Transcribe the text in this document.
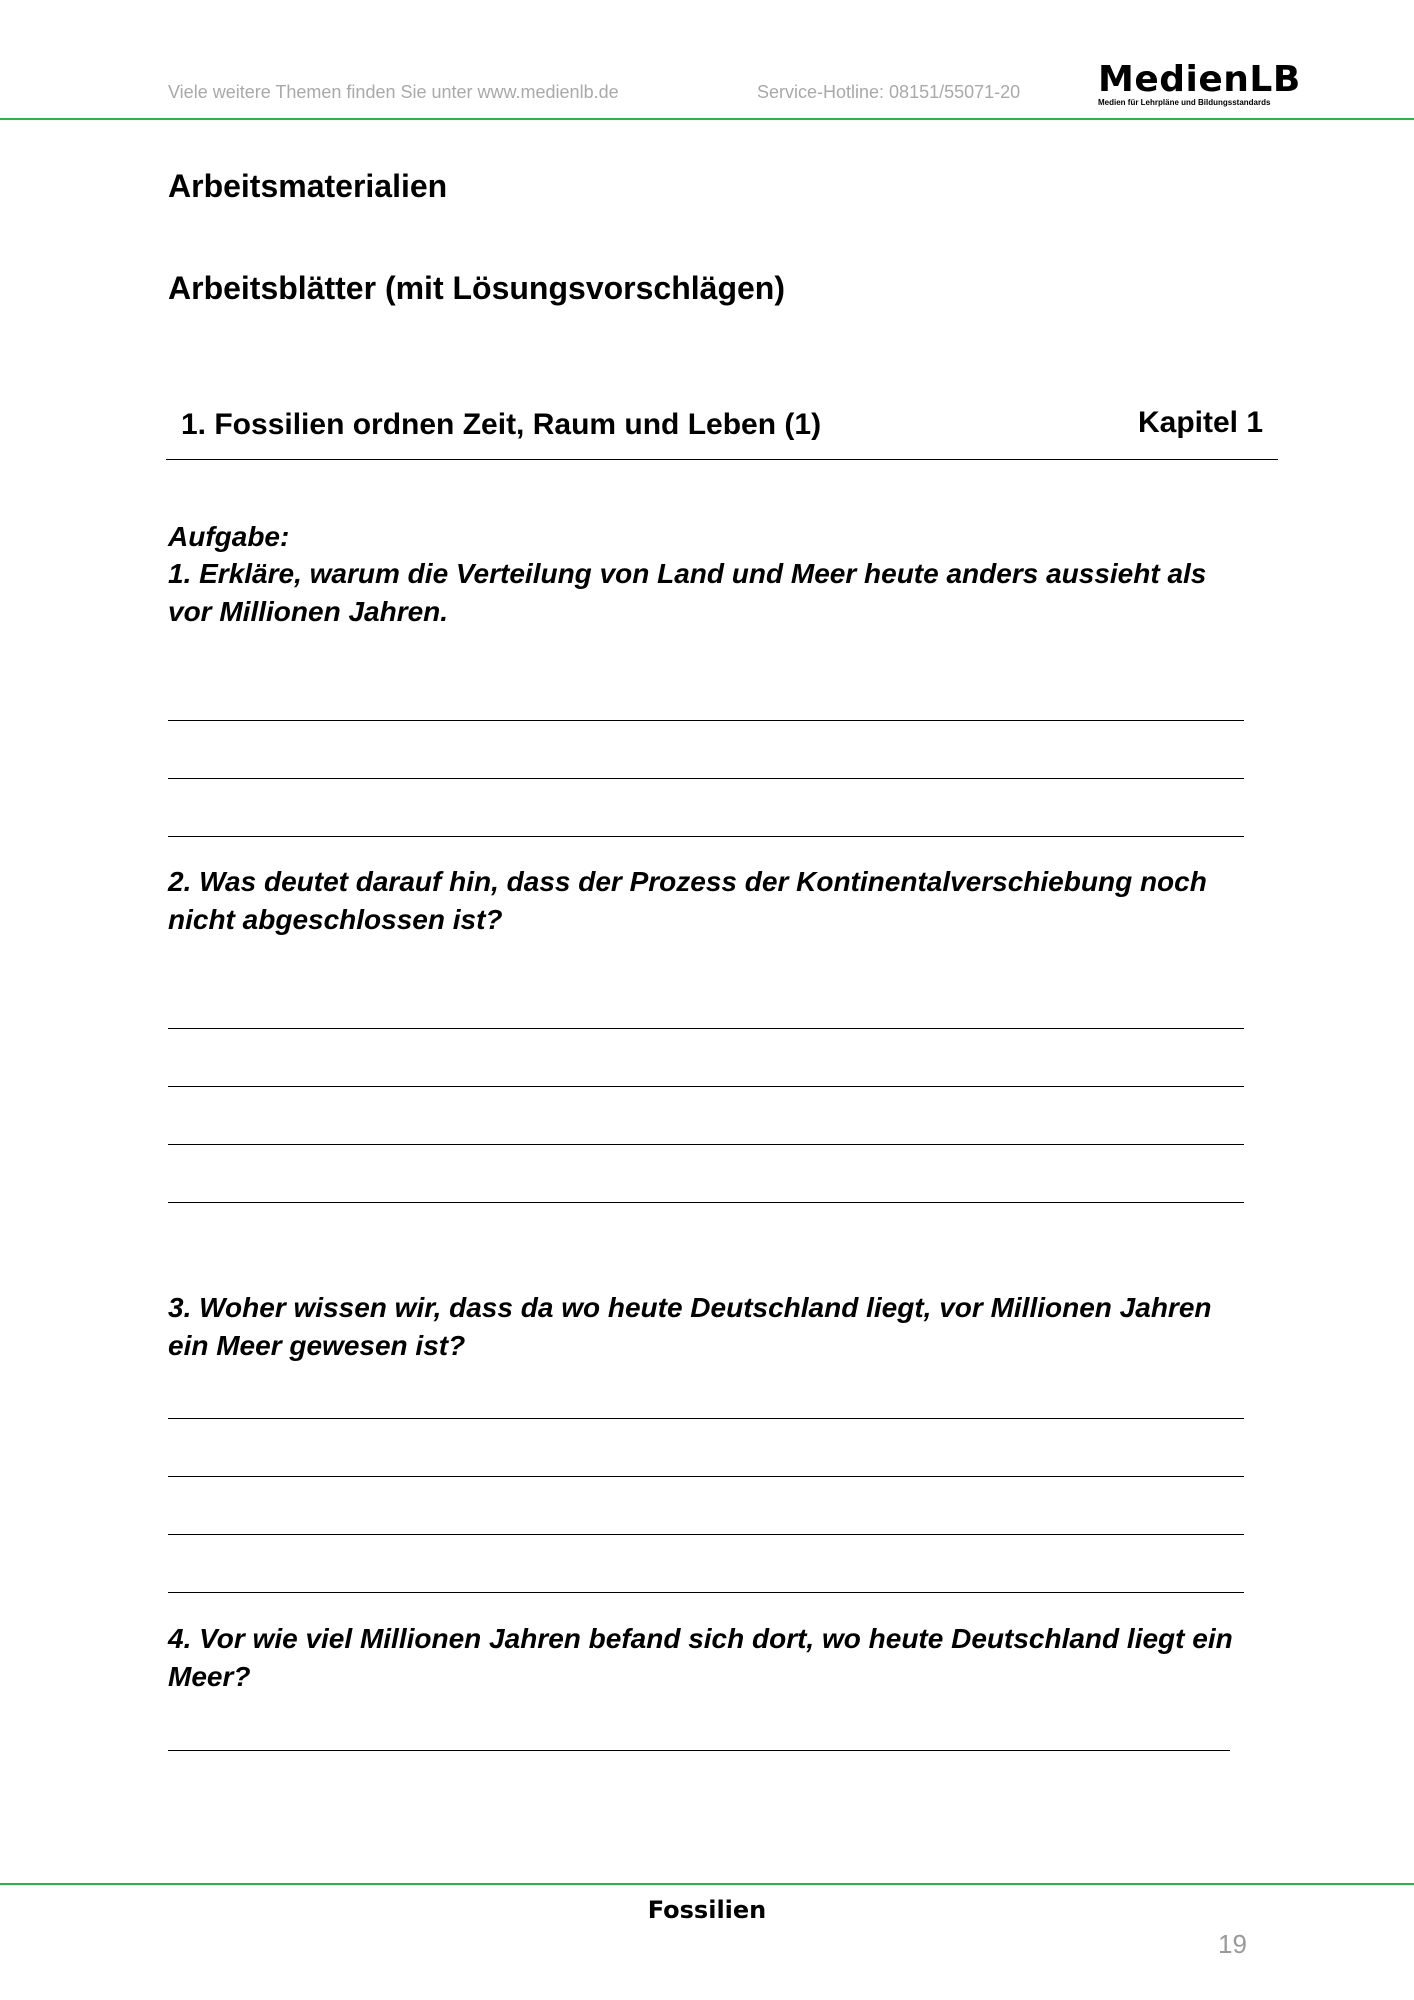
Viele weitere Themen finden Sie unter www.medienlb.de	Service-Hotline: 08151/55071-20 MedienLB
Medien für Lehrpläne und Bildungsstandards
Arbeitsmaterialien
Arbeitsblätter (mit Lösungsvorschlägen)
1. Fossilien ordnen Zeit, Raum und Leben (1)	Kapitel 1
Aufgabe:
1. Erkläre, warum die Verteilung von Land und Meer heute anders aussieht als vor Millionen Jahren.
2. Was deutet darauf hin, dass der Prozess der Kontinentalverschiebung noch nicht abgeschlossen ist?
3. Woher wissen wir, dass da wo heute Deutschland liegt, vor Millionen Jahren ein Meer gewesen ist?
4. Vor wie viel Millionen Jahren befand sich dort, wo heute Deutschland liegt ein Meer?
Fossilien
19
